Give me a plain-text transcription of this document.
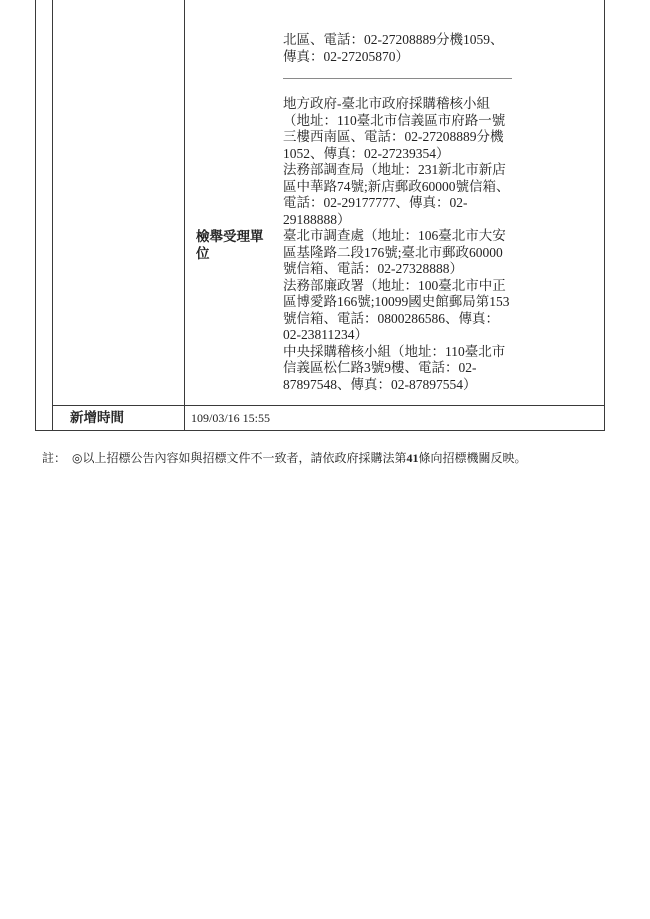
北區、電話：02-27208889分機1059、
傳真：02-27205870）
檢舉受理單
位
地方政府-臺北市政府採購稽核小組
（地址：110臺北市信義區市府路一號
三樓西南區、電話：02-27208889分機
1052、傳真：02-27239354）
法務部調查局（地址：231新北市新店
區中華路74號;新店郵政60000號信箱、
電話：02-29177777、傳真：02-
29188888）
臺北市調查處（地址：106臺北市大安
區基隆路二段176號;臺北市郵政60000
號信箱、電話：02-27328888）
法務部廉政署（地址：100臺北市中正
區博愛路166號;10099國史館郵局第153
號信箱、電話：0800286586、傳真：
02-23811234）
中央採購稽核小組（地址：110臺北市
信義區松仁路3號9樓、電話：02-
87897548、傳真：02-87897554）
新增時間	109/03/16 15:55
註： ◎以上招標公告內容如與招標文件不一致者，請依政府採購法第41條向招標機關反映。
